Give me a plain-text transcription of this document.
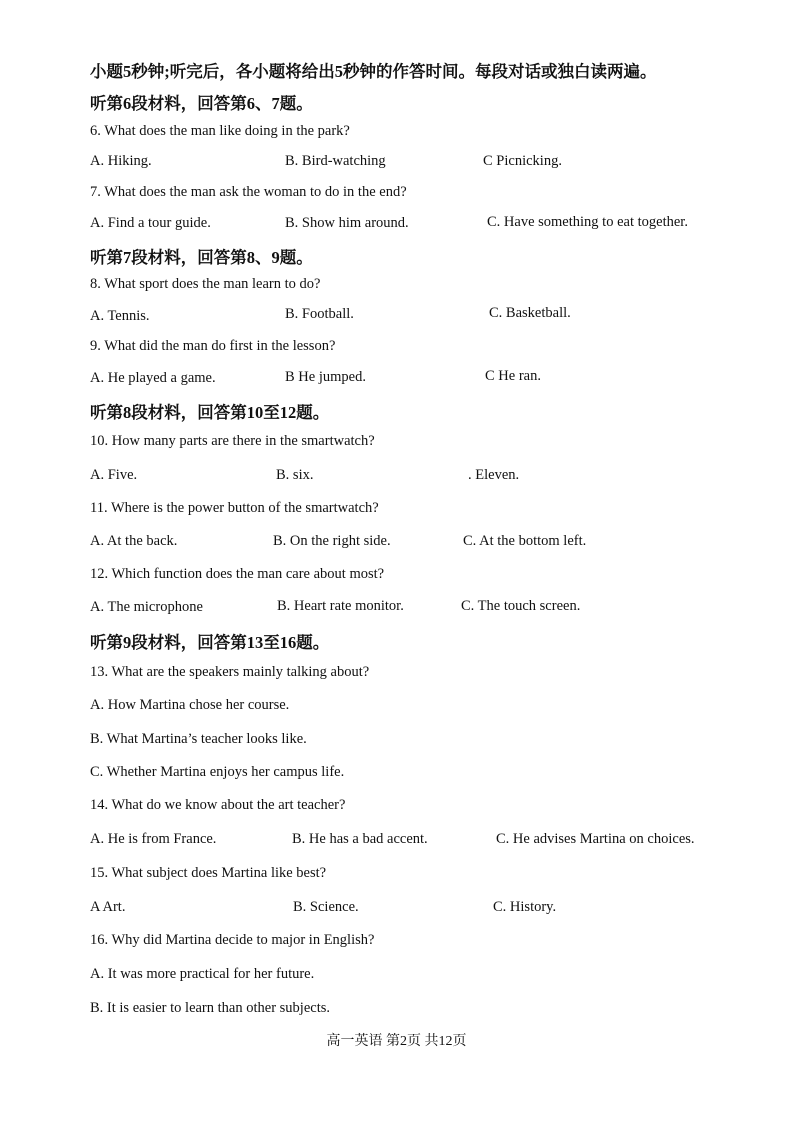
小题5秒钟;听完后，各小题将给出5秒钟的作答时间。每段对话或独白读两遍。
听第6段材料，回答第6、7题。
6. What does the man like doing in the park?
A. Hiking.	B. Bird-watching	C Picnicking.
7. What does the man ask the woman to do in the end?
A. Find a tour guide.	B. Show him around.	C. Have something to eat together.
听第7段材料，回答第8、9题。
8. What sport does the man learn to do?
A. Tennis.	B. Football.	C. Basketball.
9. What did the man do first in the lesson?
A. He played a game.	B He jumped.	C He ran.
听第8段材料，回答第10至12题。
10. How many parts are there in the smartwatch?
A. Five.	B. six.	. Eleven.
11. Where is the power button of the smartwatch?
A. At the back.	B. On the right side.	C. At the bottom left.
12. Which function does the man care about most?
A. The microphone	B. Heart rate monitor.	C. The touch screen.
听第9段材料，回答第13至16题。
13. What are the speakers mainly talking about?
A. How Martina chose her course.
B. What Martina’s teacher looks like.
C. Whether Martina enjoys her campus life.
14. What do we know about the art teacher?
A. He is from France.	B. He has a bad accent.	C. He advises Martina on choices.
15. What subject does Martina like best?
A Art.	B. Science.	C. History.
16. Why did Martina decide to major in English?
A. It was more practical for her future.
B. It is easier to learn than other subjects.
高一英语 第2页 共12页
